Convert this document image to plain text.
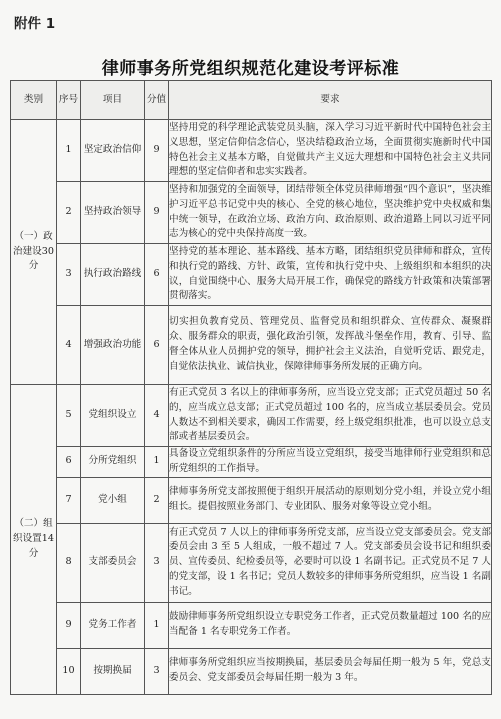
附件 1
律师事务所党组织规范化建设考评标准
类别	序号	项目	分值	要求
（一）政治建设30 分	1	坚定政治信仰	9	坚持用党的科学理论武装党员头脑，深入学习习近平新时代中国特色社会主义思想，坚定信仰信念信心，坚决结稳政治立场，全面贯彻实施新时代中国特色社会主义基本方略，自觉做共产主义远大理想和中国特色社会主义共同理想的坚定信仰者和忠实实践者。
	2	坚持政治领导	9	坚持和加强党的全面领导，团结带领全体党员律师增强“四个意识”，坚决维护习近平总书记党中央的核心、全党的核心地位，坚决维护党中央权威和集中统一领导，在政治立场、政治方向、政治原则、政治道路上同以习近平同志为核心的党中央保持高度一致。
	3	执行政治路线	6	坚持党的基本理论、基本路线、基本方略，团结组织党员律师和群众，宣传和执行党的路线、方针、政策，宣传和执行党中央、上级组织和本组织的决议，自觉围绕中心、服务大局开展工作，确保党的路线方针政策和决策部署贯彻落实。
	4	增强政治功能	6	切实担负教育党员、管理党员、监督党员和组织群众、宣传群众、凝聚群众、服务群众的职责，强化政治引领，发挥战斗堡垒作用，教育、引导、监督全体从业人员拥护党的领导，拥护社会主义法治，自觉听党话、跟党走，自觉依法执业、诚信执业，保障律师事务所发展的正确方向。
（二）组织设置14 分	5	党组织设立	4	有正式党员 3 名以上的律师事务所，应当设立党支部；正式党员超过 50 名的，应当成立总支部；正式党员超过 100 名的，应当成立基层委员会。党员人数达不到相关要求，确因工作需要，经上级党组织批准，也可以设立总支部或者基层委员会。
	6	分所党组织	1	具备设立党组织条件的分所应当设立党组织，接受当地律师行业党组织和总所党组织的工作指导。
	7	党小组	2	律师事务所党支部按照便于组织开展活动的原则划分党小组，并设立党小组组长。提倡按照业务部门、专业团队、服务对象等设立党小组。
	8	支部委员会	3	有正式党员 7 人以上的律师事务所党支部，应当设立党支部委员会。党支部委员会由 3 至 5 人组成，一般不超过 7 人。党支部委员会设书记和组织委员、宣传委员、纪检委员等，必要时可以设 1 名副书记。正式党员不足 7 人的党支部，设 1 名书记；党员人数较多的律师事务所党组织，应当设 1 名副书记。
	9	党务工作者	1	鼓励律师事务所党组织设立专职党务工作者，正式党员数量超过 100 名的应当配备 1 名专职党务工作者。
	10	按期换届	3	律师事务所党组织应当按期换届，基层委员会每届任期一般为 5 年，党总支委员会、党支部委员会每届任期一般为 3 年。
